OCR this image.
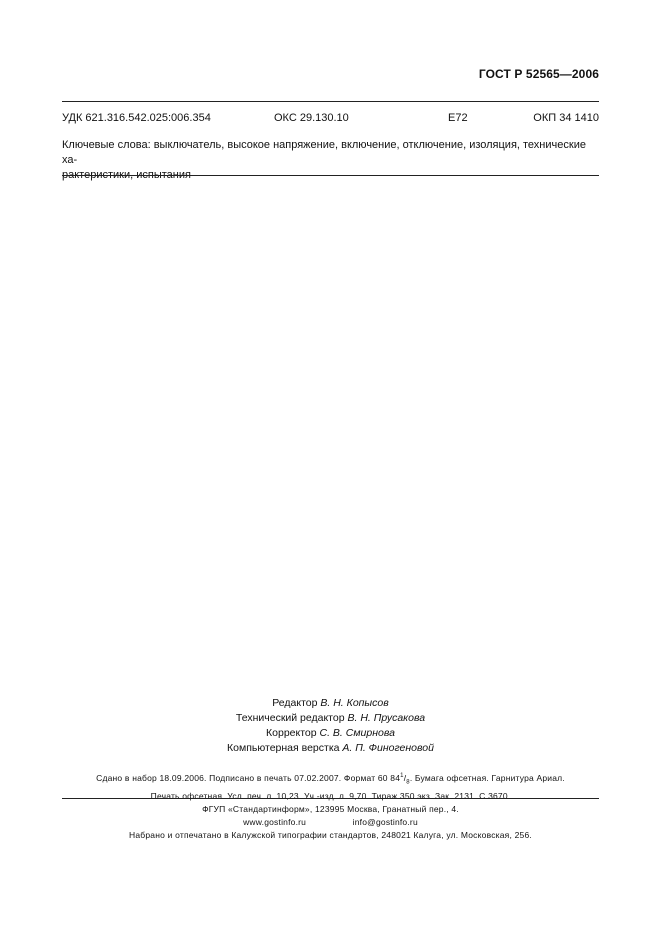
ГОСТ Р 52565—2006
УДК 621.316.542.025:006.354	ОКС 29.130.10	Е72	ОКП 34 1410
Ключевые слова: выключатель, высокое напряжение, включение, отключение, изоляция, технические ха-
рактеристики, испытания
Редактор В. Н. Копысов
Технический редактор В. Н. Прусакова
Корректор С. В. Смирнова
Компьютерная верстка А. П. Финогеновой
Сдано в набор 18.09.2006. Подписано в печать 07.02.2007. Формат 60 $84^1/_8$. Бумага офсетная. Гарнитура Ариал.
Печать офсетная. Усл. печ. л. 10,23. Уч.-изд. л. 9,70. Тираж 350 экз. Зак. 2131. С 3670.
ФГУП «Стандартинформ», 123995 Москва, Гранатный пер., 4.
www.gostinfo.ru	info@gostinfo.ru
Набрано и отпечатано в Калужской типографии стандартов, 248021 Калуга, ул. Московская, 256.
